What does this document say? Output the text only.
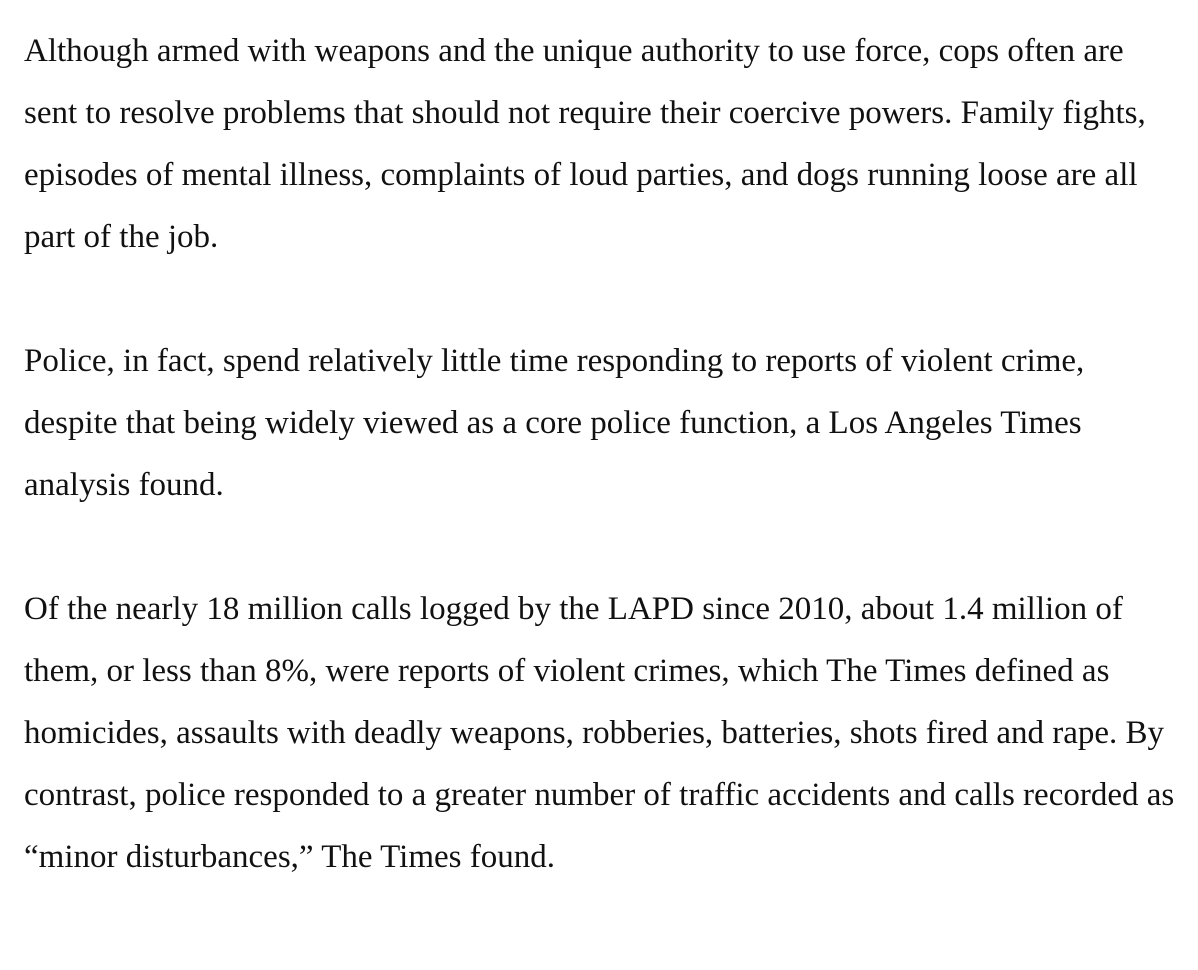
Although armed with weapons and the unique authority to use force, cops often are sent to resolve problems that should not require their coercive powers. Family fights, episodes of mental illness, complaints of loud parties, and dogs running loose are all part of the job.

Police, in fact, spend relatively little time responding to reports of violent crime, despite that being widely viewed as a core police function, a Los Angeles Times analysis found.

Of the nearly 18 million calls logged by the LAPD since 2010, about 1.4 million of them, or less than 8%, were reports of violent crimes, which The Times defined as homicides, assaults with deadly weapons, robberies, batteries, shots fired and rape. By contrast, police responded to a greater number of traffic accidents and calls recorded as “minor disturbances,” The Times found.
